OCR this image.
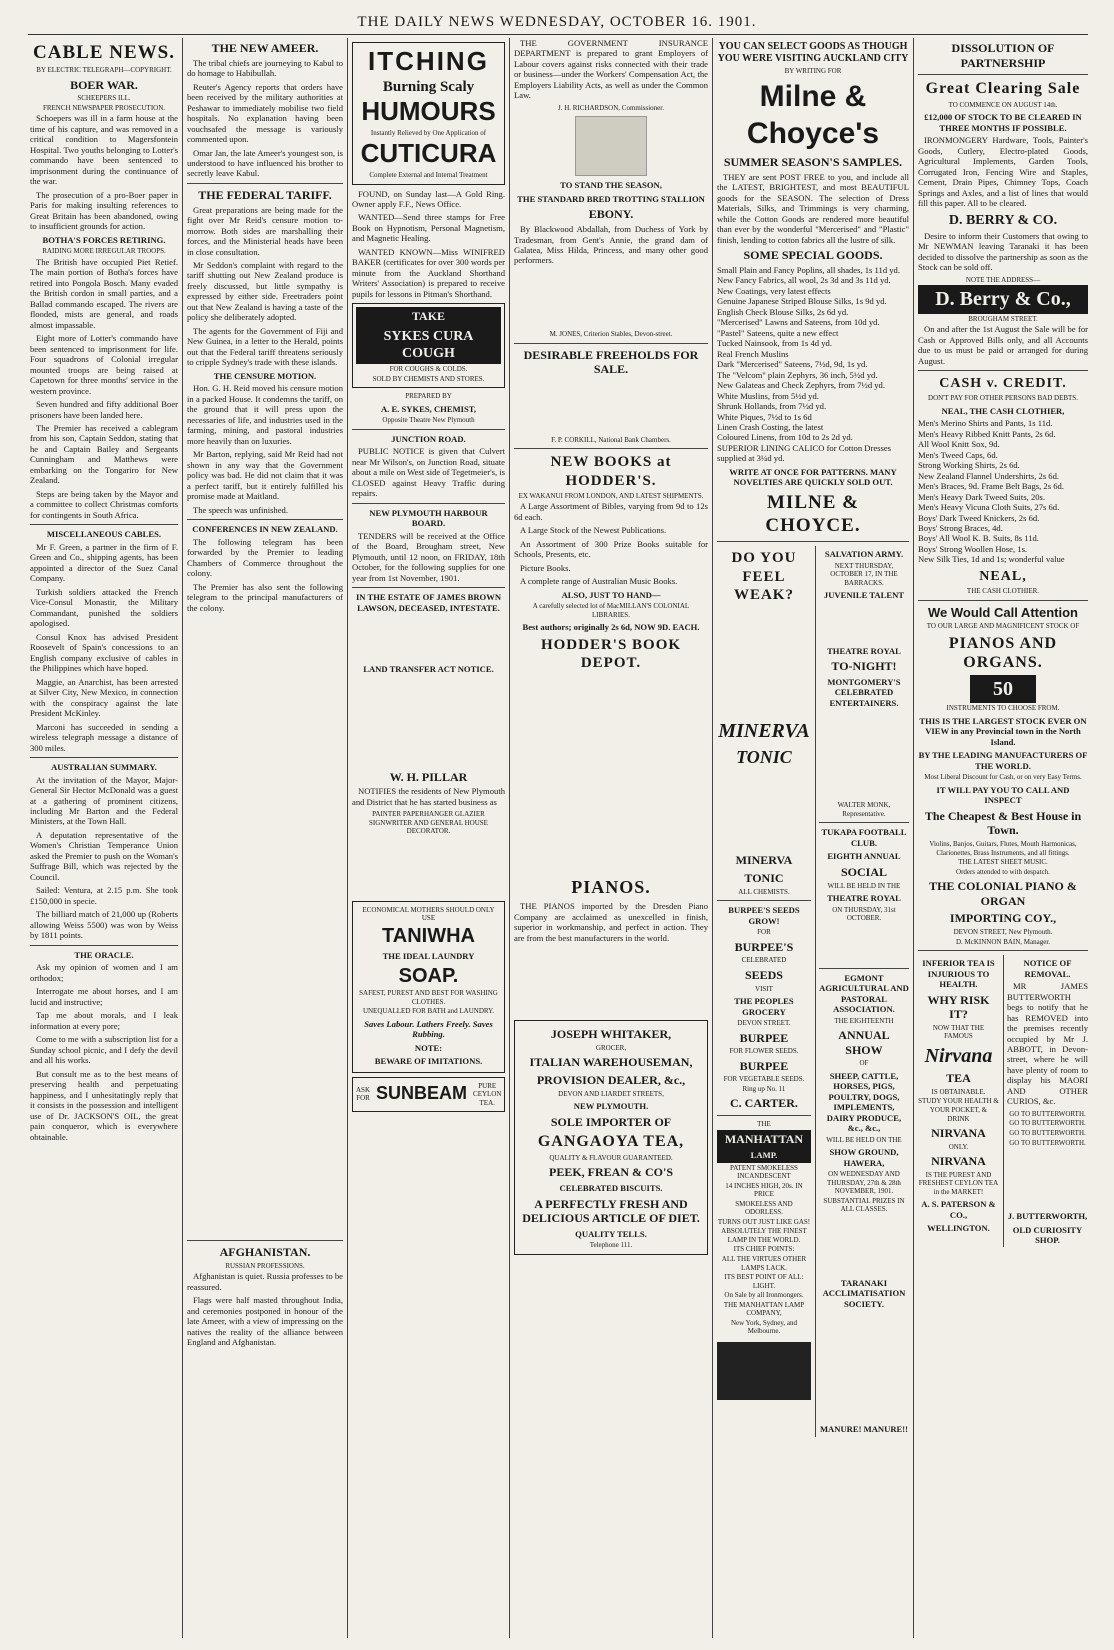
THE DAILY NEWS WEDNESDAY, OCTOBER 16. 1901.
CABLE NEWS.
BY ELECTRIC TELEGRAPH—COPYRIGHT.
BOER WAR.
SCHEEPERS ILL.
FRENCH NEWSPAPER PROSECUTION.

Schoepers was ill in a farm house at the time of his capture, and was removed in a critical condition to Magersfontein Hospital. Two youths belonging to Lotter's commando have been sentenced to imprisonment during the continuance of the war.

The prosecution of a pro-Boer paper in Paris for making insulting references to Great Britain has been abandoned, owing to insufficient grounds for action.

BOTHA'S FORCES RETIRING.
RAIDING MORE IRREGULAR TROOPS.

The British have occupied Piet Retief. The main portion of Botha's forces have retired into Pongola Bosch. Many evaded the British cordon in small parties, and a Ballad commando escaped. The rivers are flooded, mists are general, and roads almost impassable.

Eight more of Lotter's commando have been sentenced to imprisonment for life. Four squadrons of Colonial irregular mounted troops are being raised at Capetown for three months' service in the western province.

Seven hundred and fifty additional Boer prisoners have been landed here.

The Premier has received a cablegram from his son, Captain Seddon, stating that he and Captain Bailey and Sergeants Cunningham and Matthews were embarking on the Tongariro for New Zealand.

Steps are being taken by the Mayor and a committee to collect Christmas comforts for contingents in South Africa.

MISCELLANEOUS CABLES.

Mr F. Green, a partner in the firm of F. Green and Co., shipping agents, has been appointed a director of the Suez Canal Company.

Turkish soldiers attacked the French Vice-Consul Monastir, the Military Commandant, punished the soldiers apologised.

Consul Knox has advised President Roosevelt of Spain's concessions to an English company exclusive of cables in the Philippines which have hoped.

Maggie, an Anarchist, has been arrested at Silver City, New Mexico, in connection with the conspiracy against the late President McKinley.

Marconi has succeeded in sending a wireless telegraph message a distance of 300 miles.

AUSTRALIAN SUMMARY.

At the invitation of the Mayor, Major-General Sir Hector McDonald was a guest at a gathering of prominent citizens, including Mr Barton and the Federal Ministers, at the Town Hall.

A deputation representative of the Women's Christian Temperance Union asked the Premier to push on the Woman's Suffrage Bill, which was rejected by the Council.

Sailed: Ventura, at 2.15 p.m. She took £150,000 in specie.

The billiard match of 21,000 up (Roberts allowing Weiss 5500) was won by Weiss by 1811 points.

THE ORACLE.

Ask my opinion of women and I am orthodox;

Interrogate me about horses, and I am lucid and instructive;

Tap me about morals, and I leak information at every pore;

Come to me with a subscription list for a Sunday school picnic, and I defy the devil and all his works.

But consult me as to the best means of preserving health and perpetuating happiness, and I unhesitatingly reply that it consists in the possession and intelligent use of Dr. JACKSON'S OIL, the great pain conqueror, which is everywhere obtainable.

THE NEW AMEER.

The tribal chiefs are journeying to Kabul to do homage to Habibullah.

Reuter's Agency reports that orders have been received by the military authorities at Peshawar to immediately mobilise two field hospitals. No explanation having been vouchsafed the message is variously commented upon.

Omar Jan, the late Ameer's youngest son, is understood to have influenced his brother to secretly leave Kabul.

THE FEDERAL TARIFF.

Great preparations are being made for the fight over Mr Reid's censure motion to-morrow. Both sides are marshalling their forces, and the Ministerial heads have been in close consultation.

Mr Seddon's complaint with regard to the tariff shutting out New Zealand produce is freely discussed, but little sympathy is expressed by either side. Freetraders point out that New Zealand is having a taste of the policy she deliberately adopted.

The agents for the Government of Fiji and New Guinea, in a letter to the Herald, points out that the Federal tariff threatens seriously to cripple Sydney's trade with these islands.

THE CENSURE MOTION.

Hon. G. H. Reid moved his censure motion in a packed House. It condemns the tariff, on the ground that it will press upon the necessaries of life, and industries used in the farming, mining, and pastoral industries more heavily than on luxuries.

Mr Barton, replying, said Mr Reid had not shown in any way that the Government policy was bad. He did not claim that it was a perfect tariff, but it entirely fulfilled his promise made at Maitland.

The speech was unfinished.

CONFERENCES IN NEW ZEALAND.

The following telegram has been forwarded by the Premier to leading Chambers of Commerce throughout the colony.

The Premier has also sent the following telegram to the principal manufacturers of the colony.

AFGHANISTAN.
RUSSIAN PROFESSIONS.

Afghanistan is quiet. Russia professes to be reassured.

Flags were half masted throughout India, and ceremonies postponed in honour of the late Ameer, with a view of impressing on the natives the reality of the alliance between England and Afghanistan.

ITCHING
Burning Scaly
HUMOURS
Instantly Relieved by One Application of
CUTICURA
Complete External and Internal Treatment

FOUND, on Sunday last—A Gold Ring. Owner apply F.F., News Office.

WANTED—Send three stamps for Free Book on Hypnotism, Personal Magnetism, and Magnetic Healing.

WANTED KNOWN—Miss WINIFRED BAKER (certificates for over 300 words per minute from the Auckland Shorthand Writers' Association) is prepared to receive pupils for lessons in Pitman's Shorthand.

TAKE
SYKES CURA COUGH
FOR COUGHS & COLDS.
SOLD BY CHEMISTS AND STORES.
PREPARED BY
A. E. SYKES, CHEMIST,
Opposite Theatre New Plymouth
JUNCTION ROAD.

PUBLIC NOTICE is given that Culvert near Mr Wilson's, on Junction Road, situate about a mile on West side of Tegetmeier's, is CLOSED against Heavy Traffic during repairs.

NEW PLYMOUTH HARBOUR BOARD.

TENDERS will be received at the Office of the Board, Brougham street, New Plymouth, until 12 noon, on FRIDAY, 18th October, for the following supplies for one year from 1st November, 1901.

IN THE ESTATE OF JAMES BROWN LAWSON, DECEASED, INTESTATE.
LAND TRANSFER ACT NOTICE.
W. H. PILLAR

NOTIFIES the residents of New Plymouth and District that he has started business as

PAINTER PAPERHANGER GLAZIER SIGNWRITER AND GENERAL HOUSE DECORATOR.
ECONOMICAL MOTHERS SHOULD ONLY USE
TANIWHA
THE IDEAL LAUNDRY
SOAP.
SAFEST, PUREST AND BEST FOR WASHING CLOTHES.
UNEQUALLED FOR BATH and LAUNDRY.
Saves Labour. Lathers Freely. Saves Rubbing.
NOTE:
BEWARE OF IMITATIONS.
ASK FOR SUNBEAM	PURE CEYLON TEA.

THE GOVERNMENT INSURANCE DEPARTMENT is prepared to grant Employers of Labour covers against risks connected with their trade or business—under the Workers' Compensation Act, the Employers Liability Acts, as well as under the Common Law.

J. H. RICHARDSON, Commissioner.
TO STAND THE SEASON,
THE STANDARD BRED TROTTING STALLION
EBONY.

By Blackwood Abdallah, from Duchess of York by Tradesman, from Gent's Annie, the grand dam of Galatea, Miss Hilda, Princess, and many other good performers.

M. JONES, Criterion Stables, Devon-street.
DESIRABLE FREEHOLDS FOR SALE.
F. P. CORKILL, National Bank Chambers.
NEW BOOKS at HODDER'S.
EX WAKANUI FROM LONDON, AND LATEST SHIPMENTS.

A Large Assortment of Bibles, varying from 9d to 12s 6d each.

A Large Stock of the Newest Publications.

An Assortment of 300 Prize Books suitable for Schools, Presents, etc.

Picture Books.

A complete range of Australian Music Books.

ALSO, JUST TO HAND—
A carefully selected lot of MacMILLAN'S COLONIAL LIBRARIES.
Best authors; originally 2s 6d, NOW 9D. EACH.
HODDER'S BOOK DEPOT.
PIANOS.

THE PIANOS imported by the Dresden Piano Company are acclaimed as unexcelled in finish, superior in workmanship, and perfect in action. They are from the best manufacturers in the world.

JOSEPH WHITAKER,
GROCER,
ITALIAN WAREHOUSEMAN,
PROVISION DEALER, &c.,
DEVON AND LIARDET STREETS,
NEW PLYMOUTH.
SOLE IMPORTER OF
GANGAOYA TEA,
QUALITY & FLAVOUR GUARANTEED.
PEEK, FREAN & CO'S
CELEBRATED BISCUITS.
A PERFECTLY FRESH AND DELICIOUS ARTICLE OF DIET.
QUALITY TELLS.
Telephone 111.
YOU CAN SELECT GOODS AS THOUGH YOU WERE VISITING AUCKLAND CITY
BY WRITING FOR
Milne & Choyce's
SUMMER SEASON'S SAMPLES.

THEY are sent POST FREE to you, and include all the LATEST, BRIGHTEST, and most BEAUTIFUL goods for the SEASON. The selection of Dress Materials, Silks, and Trimmings is very charming, while the Cotton Goods are rendered more beautiful than ever by the wonderful "Mercerised" and "Plastic" finish, lending to cotton fabrics all the lustre of silk.

SOME SPECIAL GOODS.
Small Plain and Fancy Poplins, all shades, 1s 11d yd.
New Fancy Fabrics, all wool, 2s 3d and 3s 11d yd.
New Coatings, very latest effects
Genuine Japanese Striped Blouse Silks, 1s 9d yd.
English Check Blouse Silks, 2s 6d yd.
"Mercerised" Lawns and Sateens, from 10d yd.
"Pastel" Sateens, quite a new effect
Tucked Nainsook, from 1s 4d yd.
Real French Muslins
Dark "Mercerised" Sateens, 7½d, 9d, 1s yd.
The "Velcom" plain Zephyrs, 36 inch, 5½d yd.
New Galateas and Check Zephyrs, from 7½d yd.
White Muslins, from 5½d yd.
Shrunk Hollands, from 7½d yd.
White Piques, 7½d to 1s 6d
Linen Crash Costing, the latest
Coloured Linens, from 10d to 2s 2d yd.
SUPERIOR LINING CALICO for Cotton Dresses supplied at 3¼d yd.
WRITE AT ONCE FOR PATTERNS. MANY NOVELTIES ARE QUICKLY SOLD OUT.
MILNE & CHOYCE.
DO YOU FEEL WEAK?
MINERVA
TONIC
MINERVA
TONIC
ALL CHEMISTS.
BURPEE'S SEEDS GROW!
FOR
BURPEE'S
CELEBRATED
SEEDS
VISIT
THE PEOPLES GROCERY
DEVON STREET.
BURPEE
FOR FLOWER SEEDS.
BURPEE
FOR VEGETABLE SEEDS.
Ring up No. 11
C. CARTER.
THE
MANHATTAN
LAMP.
PATENT SMOKELESS INCANDESCENT
14 INCHES HIGH, 20s. IN PRICE
SMOKELESS AND ODORLESS.
TURNS OUT JUST LIKE GAS!
ABSOLUTELY THE FINEST LAMP IN THE WORLD.
ITS CHIEF POINTS:
ALL THE VIRTUES OTHER LAMPS LACK.
ITS BEST POINT OF ALL: LIGHT.
On Sale by all Ironmongers.
THE MANHATTAN LAMP COMPANY,
New York, Sydney, and Melbourne.
SALVATION ARMY.
NEXT THURSDAY, OCTOBER 17, IN THE BARRACKS.
JUVENILE TALENT
THEATRE ROYAL
TO-NIGHT!
MONTGOMERY'S CELEBRATED ENTERTAINERS.
WALTER MONK, Representative.
TUKAPA FOOTBALL CLUB.
EIGHTH ANNUAL
SOCIAL
WILL BE HELD IN THE
THEATRE ROYAL
ON THURSDAY, 31st OCTOBER.
EGMONT AGRICULTURAL AND PASTORAL ASSOCIATION.
THE EIGHTEENTH
ANNUAL SHOW
OF
SHEEP, CATTLE, HORSES, PIGS, POULTRY, DOGS, IMPLEMENTS, DAIRY PRODUCE, &c., &c.,
WILL BE HELD ON THE
SHOW GROUND, HAWERA,
ON WEDNESDAY AND THURSDAY, 27th & 28th NOVEMBER, 1901.
SUBSTANTIAL PRIZES IN ALL CLASSES.
TARANAKI ACCLIMATISATION SOCIETY.
MANURE! MANURE!!
DISSOLUTION OF PARTNERSHIP
Great Clearing Sale
TO COMMENCE ON AUGUST 14th.
£12,000 OF STOCK TO BE CLEARED IN THREE MONTHS IF POSSIBLE.

IRONMONGERY Hardware, Tools, Painter's Goods, Cutlery, Electro-plated Goods, Agricultural Implements, Garden Tools, Corrugated Iron, Fencing Wire and Staples, Cement, Drain Pipes, Chimney Tops, Coach Springs and Axles, and a list of lines that would fill this paper. All to be cleared.

D. BERRY & CO.

Desire to inform their Customers that owing to Mr NEWMAN leaving Taranaki it has been decided to dissolve the partnership as soon as the Stock can be sold off.

NOTE THE ADDRESS—
D. Berry & Co.,
BROUGHAM STREET.

On and after the 1st August the Sale will be for Cash or Approved Bills only, and all Accounts due to us must be paid or arranged for during August.

CASH v. CREDIT.
DON'T PAY FOR OTHER PERSONS BAD DEBTS.
NEAL, THE CASH CLOTHIER,
Men's Merino Shirts and Pants, 1s 11d.
Men's Heavy Ribbed Knitt Pants, 2s 6d.
All Wool Knitt Sox, 9d.
Men's Tweed Caps, 6d.
Strong Working Shirts, 2s 6d.
New Zealand Flannel Undershirts, 2s 6d.
Men's Braces, 9d. Frame Belt Bags, 2s 6d.
Men's Heavy Dark Tweed Suits, 20s.
Men's Heavy Vicuna Cloth Suits, 27s 6d.
Boys' Dark Tweed Knickers, 2s 6d.
Boys' Strong Braces, 4d.
Boys' All Wool K. B. Suits, 8s 11d.
Boys' Strong Woollen Hose, 1s.
New Silk Ties, 1d and 1s; wonderful value
NEAL,
THE CASH CLOTHIER.
We Would Call Attention
TO OUR LARGE AND MAGNIFICENT STOCK OF
PIANOS AND ORGANS.
50
INSTRUMENTS TO CHOOSE FROM.
THIS IS THE LARGEST STOCK EVER ON VIEW in any Provincial town in the North Island.
BY THE LEADING MANUFACTURERS OF THE WORLD.
Most Liberal Discount for Cash, or on very Easy Terms.
IT WILL PAY YOU TO CALL AND INSPECT
The Cheapest & Best House in Town.
Violins, Banjos, Guitars, Flutes, Mouth Harmonicas, Clarionettes, Brass Instruments, and all fittings.
THE LATEST SHEET MUSIC.
Orders attended to with despatch.
THE COLONIAL PIANO & ORGAN
IMPORTING COY.,
DEVON STREET, New Plymouth.
D. McKINNON BAIN, Manager.
INFERIOR TEA IS INJURIOUS TO HEALTH.
WHY RISK IT?
NOW THAT THE FAMOUS
Nirvana
TEA
IS OBTAINABLE.
STUDY YOUR HEALTH & YOUR POCKET, & DRINK
NIRVANA
ONLY.
NIRVANA
IS THE PUREST AND FRESHEST CEYLON TEA in the MARKET!
A. S. PATERSON & CO.,
WELLINGTON.
NOTICE OF REMOVAL.

MR JAMES BUTTERWORTH begs to notify that he has REMOVED into the premises recently occupied by Mr J. ABBOTT, in Devon-street, where he will have plenty of room to display his MAORI AND OTHER CURIOS, &c.

GO TO BUTTERWORTH.
GO TO BUTTERWORTH.
GO TO BUTTERWORTH.
GO TO BUTTERWORTH.
J. BUTTERWORTH,
OLD CURIOSITY SHOP.
